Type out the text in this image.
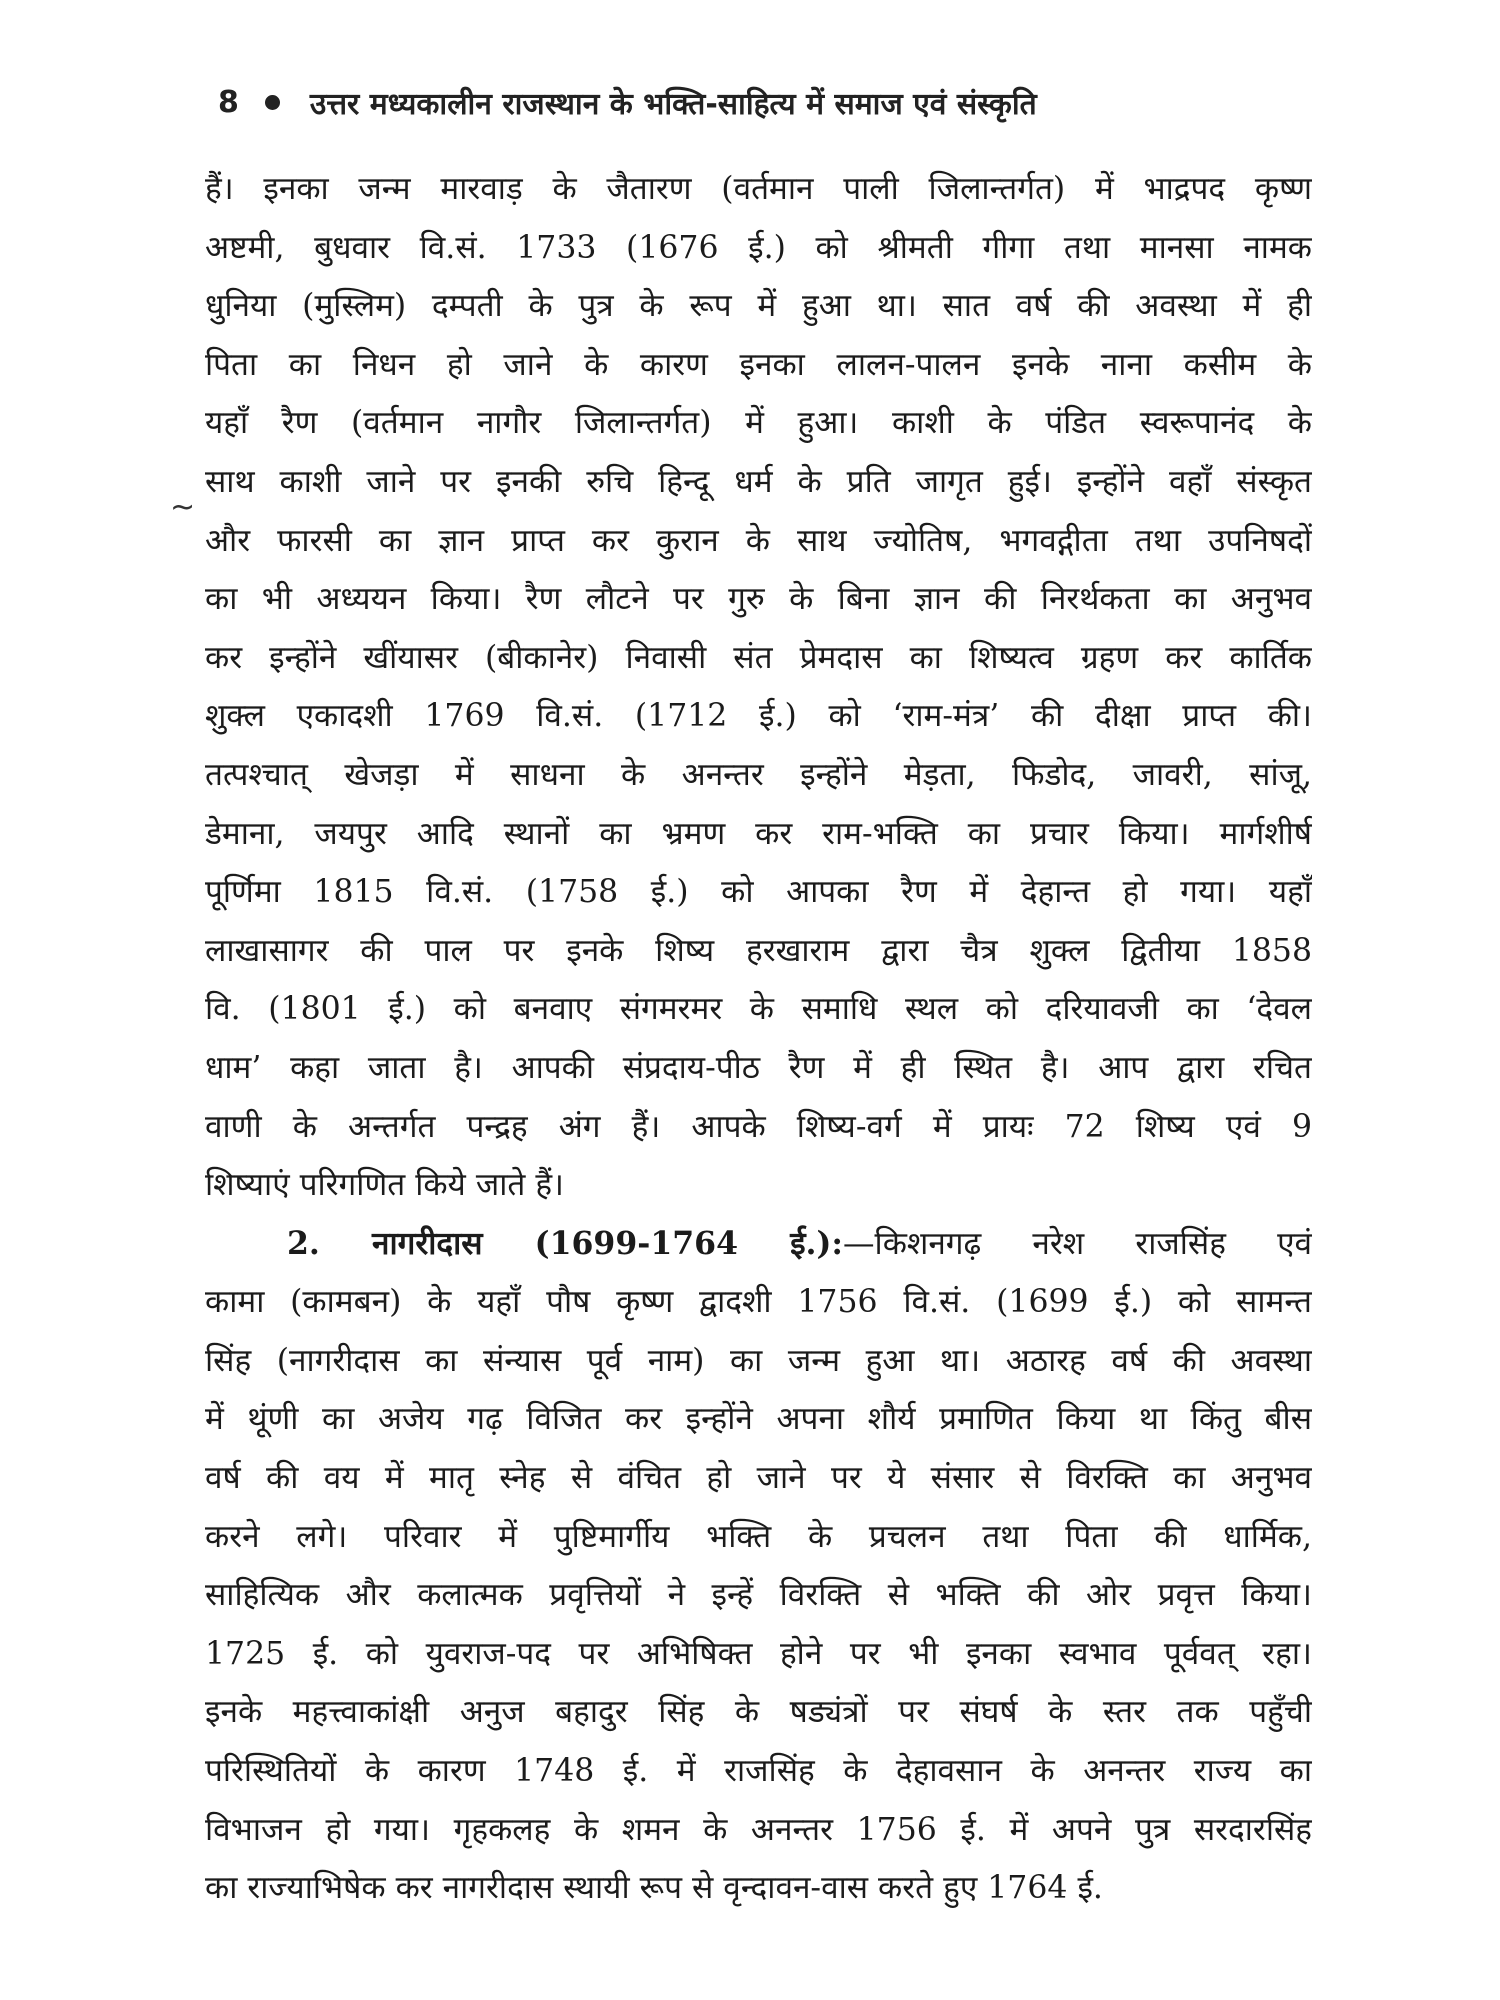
8 उत्तर मध्यकालीन राजस्थान के भक्ति-साहित्य में समाज एवं संस्कृति
~
हैं। इनका जन्म मारवाड़ के जैतारण (वर्तमान पाली जिलान्तर्गत) में भाद्रपद कृष्ण
अष्टमी, बुधवार वि.सं. 1733 (1676 ई.) को श्रीमती गीगा तथा मानसा नामक
धुनिया (मुस्लिम) दम्पती के पुत्र के रूप में हुआ था। सात वर्ष की अवस्था में ही
पिता का निधन हो जाने के कारण इनका लालन-पालन इनके नाना कसीम के
यहाँ रैण (वर्तमान नागौर जिलान्तर्गत) में हुआ। काशी के पंडित स्वरूपानंद के
साथ काशी जाने पर इनकी रुचि हिन्दू धर्म के प्रति जागृत हुई। इन्होंने वहाँ संस्कृत
और फारसी का ज्ञान प्राप्त कर कुरान के साथ ज्योतिष, भगवद्गीता तथा उपनिषदों
का भी अध्ययन किया। रैण लौटने पर गुरु के बिना ज्ञान की निरर्थकता का अनुभव
कर इन्होंने खींयासर (बीकानेर) निवासी संत प्रेमदास का शिष्यत्व ग्रहण कर कार्तिक
शुक्ल एकादशी 1769 वि.सं. (1712 ई.) को ‘राम-मंत्र’ की दीक्षा प्राप्त की।
तत्पश्चात् खेजड़ा में साधना के अनन्तर इन्होंने मेड़ता, फिडोद, जावरी, सांजू,
डेमाना, जयपुर आदि स्थानों का भ्रमण कर राम-भक्ति का प्रचार किया। मार्गशीर्ष
पूर्णिमा 1815 वि.सं. (1758 ई.) को आपका रैण में देहान्त हो गया। यहाँ
लाखासागर की पाल पर इनके शिष्य हरखाराम द्वारा चैत्र शुक्ल द्वितीया 1858
वि. (1801 ई.) को बनवाए संगमरमर के समाधि स्थल को दरियावजी का ‘देवल
धाम’ कहा जाता है। आपकी संप्रदाय-पीठ रैण में ही स्थित है। आप द्वारा रचित
वाणी के अन्तर्गत पन्द्रह अंग हैं। आपके शिष्य-वर्ग में प्रायः 72 शिष्य एवं 9
शिष्याएं परिगणित किये जाते हैं।
2. नागरीदास (1699-1764 ई.):—किशनगढ़ नरेश राजसिंह एवं
कामा (कामबन) के यहाँ पौष कृष्ण द्वादशी 1756 वि.सं. (1699 ई.) को सामन्त
सिंह (नागरीदास का संन्यास पूर्व नाम) का जन्म हुआ था। अठारह वर्ष की अवस्था
में थूंणी का अजेय गढ़ विजित कर इन्होंने अपना शौर्य प्रमाणित किया था किंतु बीस
वर्ष की वय में मातृ स्नेह से वंचित हो जाने पर ये संसार से विरक्ति का अनुभव
करने लगे। परिवार में पुष्टिमार्गीय भक्ति के प्रचलन तथा पिता की धार्मिक,
साहित्यिक और कलात्मक प्रवृत्तियों ने इन्हें विरक्ति से भक्ति की ओर प्रवृत्त किया।
1725 ई. को युवराज-पद पर अभिषिक्त होने पर भी इनका स्वभाव पूर्ववत् रहा।
इनके महत्त्वाकांक्षी अनुज बहादुर सिंह के षड्यंत्रों पर संघर्ष के स्तर तक पहुँची
परिस्थितियों के कारण 1748 ई. में राजसिंह के देहावसान के अनन्तर राज्य का
विभाजन हो गया। गृहकलह के शमन के अनन्तर 1756 ई. में अपने पुत्र सरदारसिंह
का राज्याभिषेक कर नागरीदास स्थायी रूप से वृन्दावन-वास करते हुए 1764 ई.
